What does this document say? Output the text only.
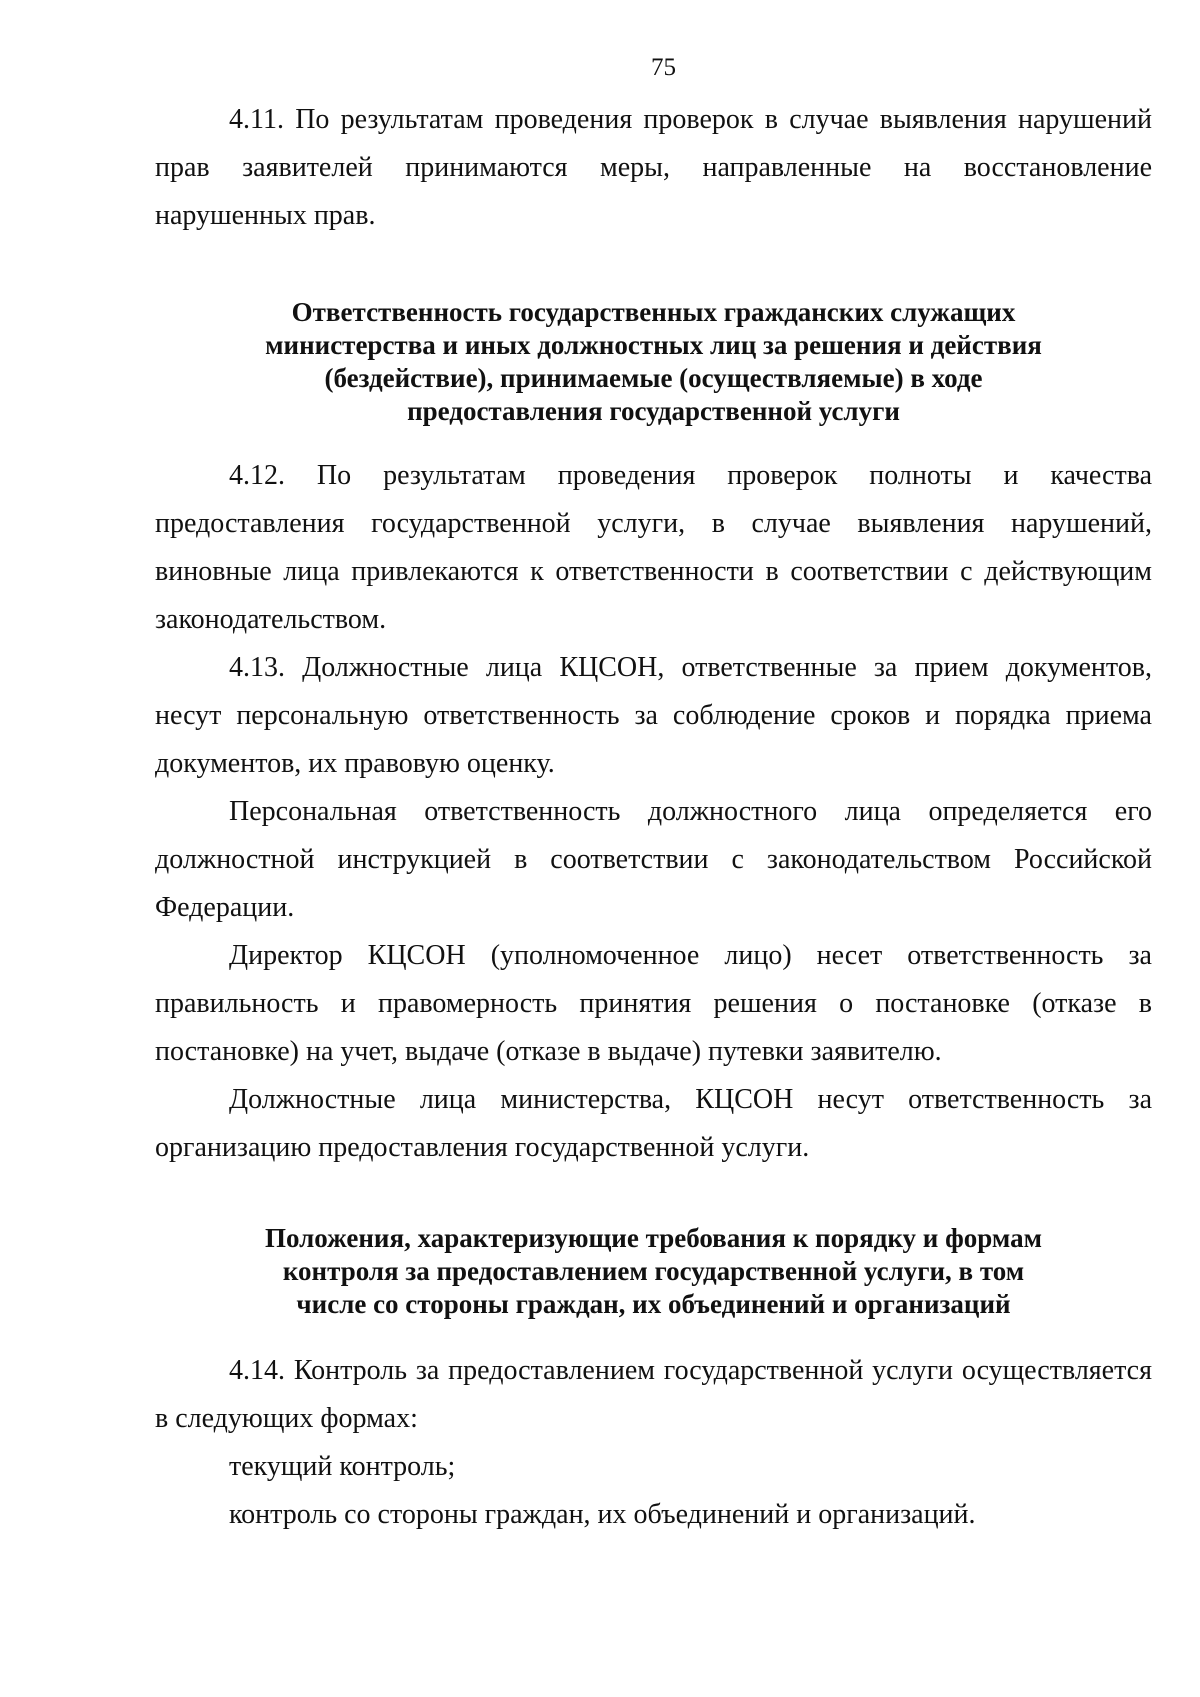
75

4.11. По результатам проведения проверок в случае выявления нарушений прав заявителей принимаются меры, направленные на восстановление нарушенных прав.

Ответственность государственных гражданских служащих
министерства и иных должностных лиц за решения и действия
(бездействие), принимаемые (осуществляемые) в ходе
предоставления государственной услуги

4.12. По результатам проведения проверок полноты и качества предоставления государственной услуги, в случае выявления нарушений, виновные лица привлекаются к ответственности в соответствии с действующим законодательством.

4.13. Должностные лица КЦСОН, ответственные за прием документов, несут персональную ответственность за соблюдение сроков и порядка приема документов, их правовую оценку.

Персональная ответственность должностного лица определяется его должностной инструкцией в соответствии с законодательством Российской Федерации.

Директор КЦСОН (уполномоченное лицо) несет ответственность за правильность и правомерность принятия решения о постановке (отказе в постановке) на учет, выдаче (отказе в выдаче) путевки заявителю.

Должностные лица министерства, КЦСОН несут ответственность за организацию предоставления государственной услуги.

Положения, характеризующие требования к порядку и формам
контроля за предоставлением государственной услуги, в том
числе со стороны граждан, их объединений и организаций

4.14. Контроль за предоставлением государственной услуги осуществляется в следующих формах:

текущий контроль;

контроль со стороны граждан, их объединений и организаций.
